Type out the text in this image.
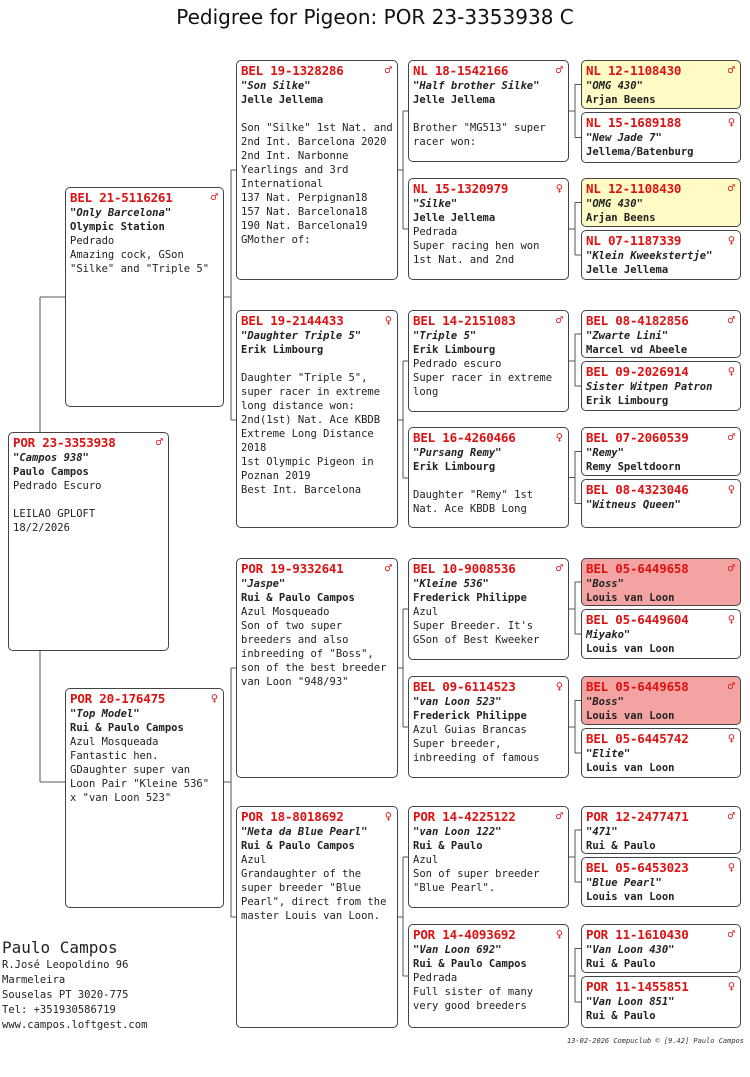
Pedigree for Pigeon: POR 23-3353938 C
POR 23-3353938	♂
"Campos 938"
Paulo Campos
Pedrado Escuro
LEILAO GPLOFT
18/2/2026
BEL 21-5116261	♂
"Only Barcelona"
Olympic Station
Pedrado
Amazing cock, GSon "Silke" and "Triple 5"
POR 20-176475	♀
"Top Model"
Rui & Paulo Campos
Azul Mosqueada
Fantastic hen. GDaughter super van Loon Pair "Kleine 536" x "van Loon 523"
BEL 19-1328286	♂
"Son Silke"
Jelle Jellema
Son "Silke" 1st Nat. and 2nd Int. Barcelona 2020
2nd Int. Narbonne Yearlings and 3rd International
137 Nat. Perpignan18
157 Nat. Barcelona18
190 Nat. Barcelona19
GMother of:
BEL 19-2144433	♀
"Daughter Triple 5"
Erik Limbourg
Daughter "Triple 5", super racer in extreme long distance won:
2nd(1st) Nat. Ace KBDB Extreme Long Distance 2018
1st Olympic Pigeon in Poznan 2019
Best Int. Barcelona
POR 19-9332641	♂
"Jaspe"
Rui & Paulo Campos
Azul Mosqueado
Son of two super breeders and also inbreeding of "Boss", son of the best breeder van Loon "948/93"
POR 18-8018692	♀
"Neta da Blue Pearl"
Rui & Paulo Campos
Azul
Grandaughter of the super breeder "Blue Pearl", direct from the master Louis van Loon.
NL 18-1542166	♂
"Half brother Silke"
Jelle Jellema
Brother "MG513" super racer won:
NL 15-1320979	♀
"Silke"
Jelle Jellema
Pedrada
Super racing hen won 1st Nat. and 2nd
BEL 14-2151083	♂
"Triple 5"
Erik Limbourg
Pedrado escuro
Super racer in extreme long
BEL 16-4260466	♀
"Pursang Remy"
Erik Limbourg
Daughter "Remy" 1st Nat. Ace KBDB Long
BEL 10-9008536	♂
"Kleine 536"
Frederick Philippe
Azul
Super Breeder. It's GSon of Best Kweeker
BEL 09-6114523	♀
"van Loon 523"
Frederick Philippe
Azul Guias Brancas
Super breeder, inbreeding of famous
POR 14-4225122	♂
"van Loon 122"
Rui & Paulo
Azul
Son of super breeder "Blue Pearl".
POR 14-4093692	♀
"Van Loon 692"
Rui & Paulo Campos
Pedrada
Full sister of many very good breeders
NL 12-1108430	♂
"OMG 430"
Arjan Beens
NL 15-1689188	♀
"New Jade 7"
Jellema/Batenburg
NL 12-1108430	♂
"OMG 430"
Arjan Beens
NL 07-1187339	♀
"Klein Kweekstertje"
Jelle Jellema
BEL 08-4182856	♂
"Zwarte Lini"
Marcel vd Abeele
BEL 09-2026914	♀
Sister Witpen Patron
Erik Limbourg
BEL 07-2060539	♂
"Remy"
Remy Speltdoorn
BEL 08-4323046	♀
"Witneus Queen"
BEL 05-6449658	♂
"Boss"
Louis van Loon
BEL 05-6449604	♀
Miyako"
Louis van Loon
BEL 05-6449658	♂
"Boss"
Louis van Loon
BEL 05-6445742	♀
"Elite"
Louis van Loon
POR 12-2477471	♂
"471"
Rui & Paulo
BEL 05-6453023	♀
"Blue Pearl"
Louis van Loon
POR 11-1610430	♂
"Van Loon 430"
Rui & Paulo
POR 11-1455851	♀
"Van Loon 851"
Rui & Paulo
Paulo Campos
R.José Leopoldino 96
Marmeleira
Souselas PT 3020-775
Tel: +351930586719
www.campos.loftgest.com
13-02-2026 Compuclub © [9.42] Paulo Campos
